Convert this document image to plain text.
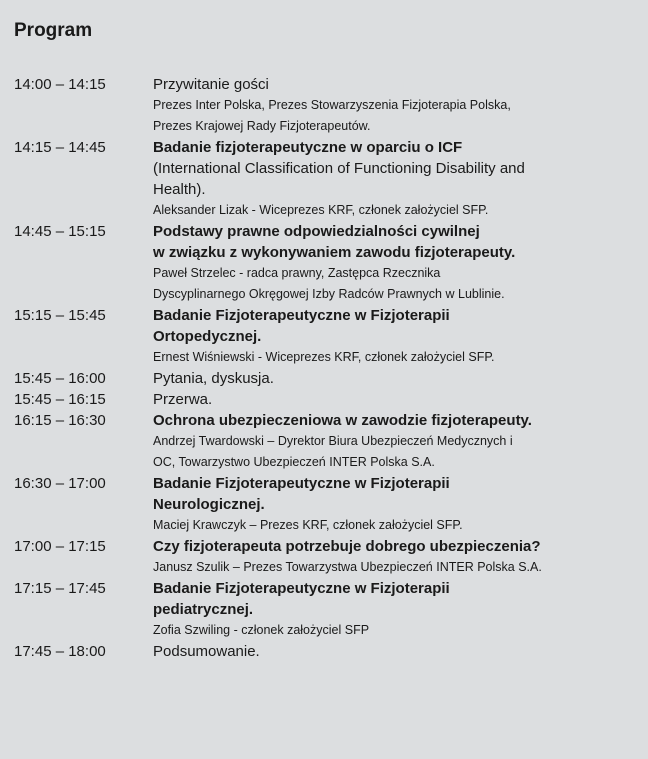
Program
14:00 – 14:15	Przywitanie gości
Prezes Inter Polska, Prezes Stowarzyszenia Fizjoterapia Polska,
Prezes Krajowej Rady Fizjoterapeutów.
14:15 – 14:45	Badanie fizjoterapeutyczne w oparciu o ICF
(International Classification of Functioning Disability and
Health).
Aleksander Lizak - Wiceprezes KRF, członek założyciel SFP.
14:45 – 15:15	Podstawy prawne odpowiedzialności cywilnej
w związku z wykonywaniem zawodu fizjoterapeuty.
Paweł Strzelec - radca prawny, Zastępca Rzecznika
Dyscyplinarnego Okręgowej Izby Radców Prawnych w Lublinie.
15:15 – 15:45	Badanie Fizjoterapeutyczne w Fizjoterapii
Ortopedycznej.
Ernest Wiśniewski - Wiceprezes KRF, członek założyciel SFP.
15:45 – 16:00	Pytania, dyskusja.
15:45 – 16:15	Przerwa.
16:15 – 16:30	Ochrona ubezpieczeniowa w zawodzie fizjoterapeuty.
Andrzej Twardowski – Dyrektor Biura Ubezpieczeń Medycznych i
OC, Towarzystwo Ubezpieczeń INTER Polska S.A.
16:30 – 17:00	Badanie Fizjoterapeutyczne w Fizjoterapii
Neurologicznej.
Maciej Krawczyk – Prezes KRF, członek założyciel SFP.
17:00 – 17:15	Czy fizjoterapeuta potrzebuje dobrego ubezpieczenia?
Janusz Szulik – Prezes Towarzystwa Ubezpieczeń INTER Polska S.A.
17:15 – 17:45	Badanie Fizjoterapeutyczne w Fizjoterapii
pediatrycznej.
Zofia Szwiling - członek założyciel SFP
17:45 – 18:00	Podsumowanie.
